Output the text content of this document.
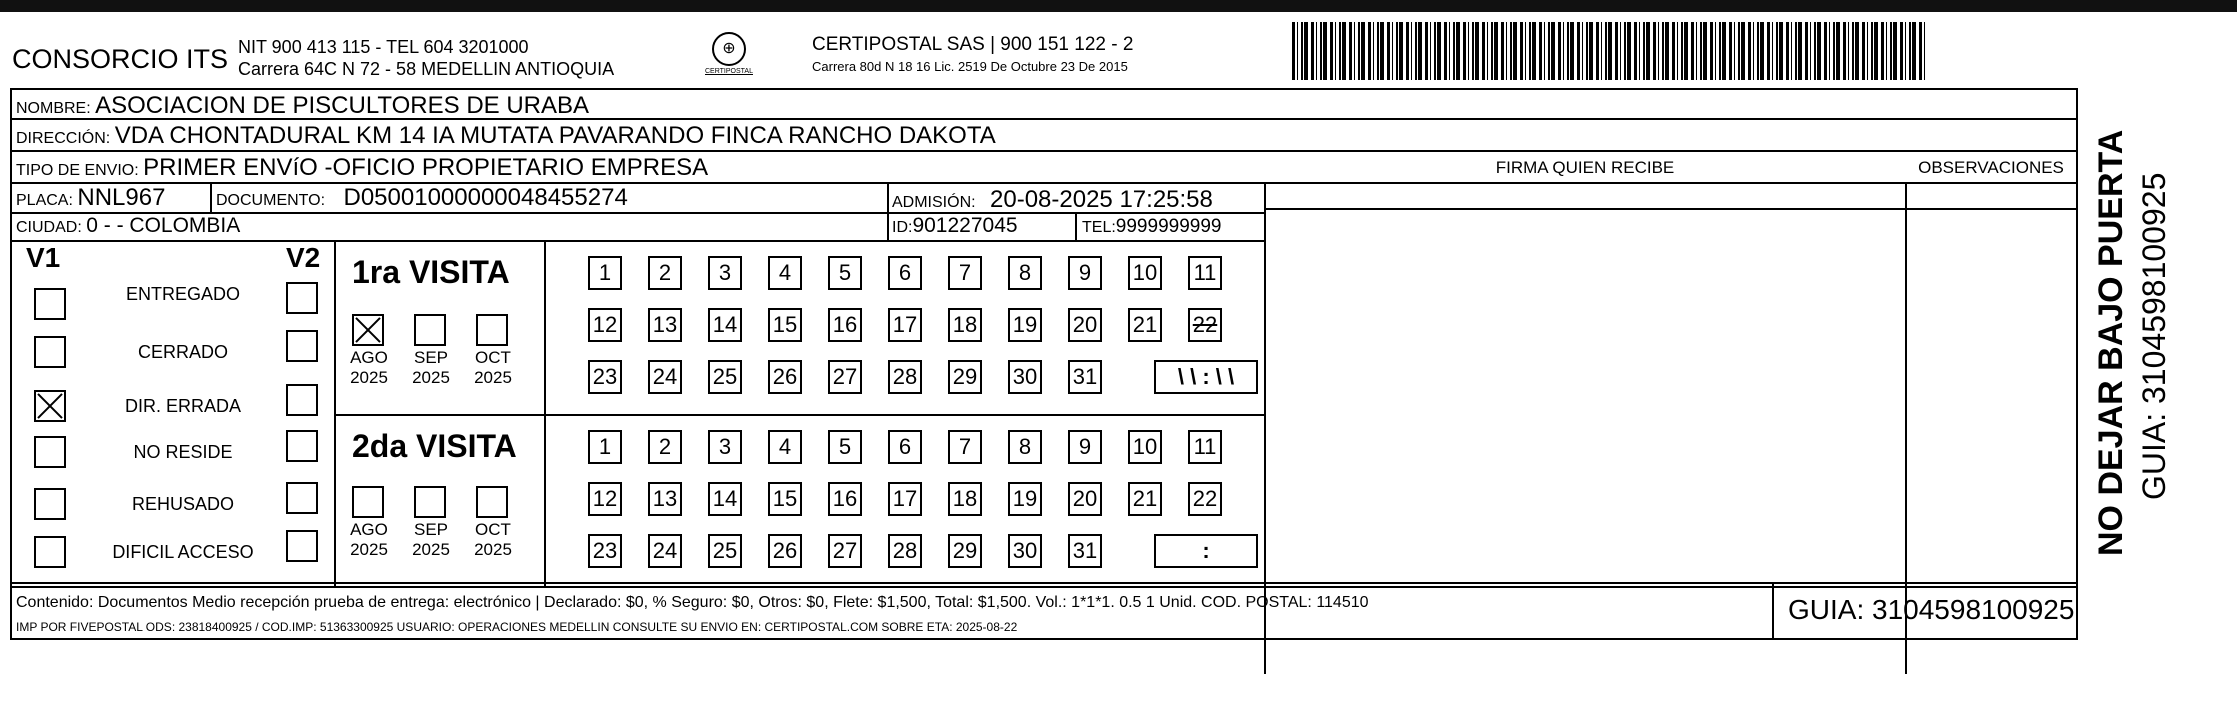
CONSORCIO ITS NIT 900 413 115 - TEL 604 3201000
Carrera 64C N 72 - 58 MEDELLIN ANTIOQUIA
⊕
CERTIPOSTAL
CERTIPOSTAL SAS | 900 151 122 - 2
Carrera 80d N 18 16 Lic. 2519 De Octubre 23 De 2015
NOMBRE: ASOCIACION DE PISCULTORES DE URABA
DIRECCIÓN: VDA CHONTADURAL KM 14 IA MUTATA PAVARANDO FINCA RANCHO DAKOTA
TIPO DE ENVIO: PRIMER ENVíO -OFICIO PROPIETARIO EMPRESA	FIRMA QUIEN RECIBE	OBSERVACIONES
PLACA: NNL967	DOCUMENTO: D05001000000048455274	ADMISIÓN: 20-08-2025 17:25:58
CIUDAD: 0 - - COLOMBIA	ID:901227045	TEL:9999999999
V1	V2
ENTREGADO
CERRADO
DIR. ERRADA
NO RESIDE
REHUSADO
DIFICIL ACCESO
1ra VISITA
2da VISITA
AGO
2025
SEP
2025
OCT
2025
AGO
2025
SEP
2025
OCT
2025
1	2	3	4	5	6	7	8	9	10 11
12 13 14 15 16 17 18 19 20 21 22
23 24 25 26 27 28 29 30 31	\ \ : \ \
1	2	3	4	5	6	7	8	9	10 11
12 13 14 15 16 17 18 19 20 21 22
23 24 25 26 27 28 29 30 31	:
Contenido: Documentos Medio recepción prueba de entrega: electrónico | Declarado: $0, % Seguro: $0, Otros: $0, Flete: $1,500, Total: $1,500. Vol.: 1*1*1. 0.5 1 Unid. COD. POSTAL: 114510
IMP POR FIVEPOSTAL ODS: 23818400925 / COD.IMP: 51363300925 USUARIO: OPERACIONES MEDELLIN CONSULTE SU ENVIO EN: CERTIPOSTAL.COM SOBRE ETA: 2025-08-22
GUIA: 3104598100925
NO DEJAR BAJO PUERTA GUIA: 3104598100925
